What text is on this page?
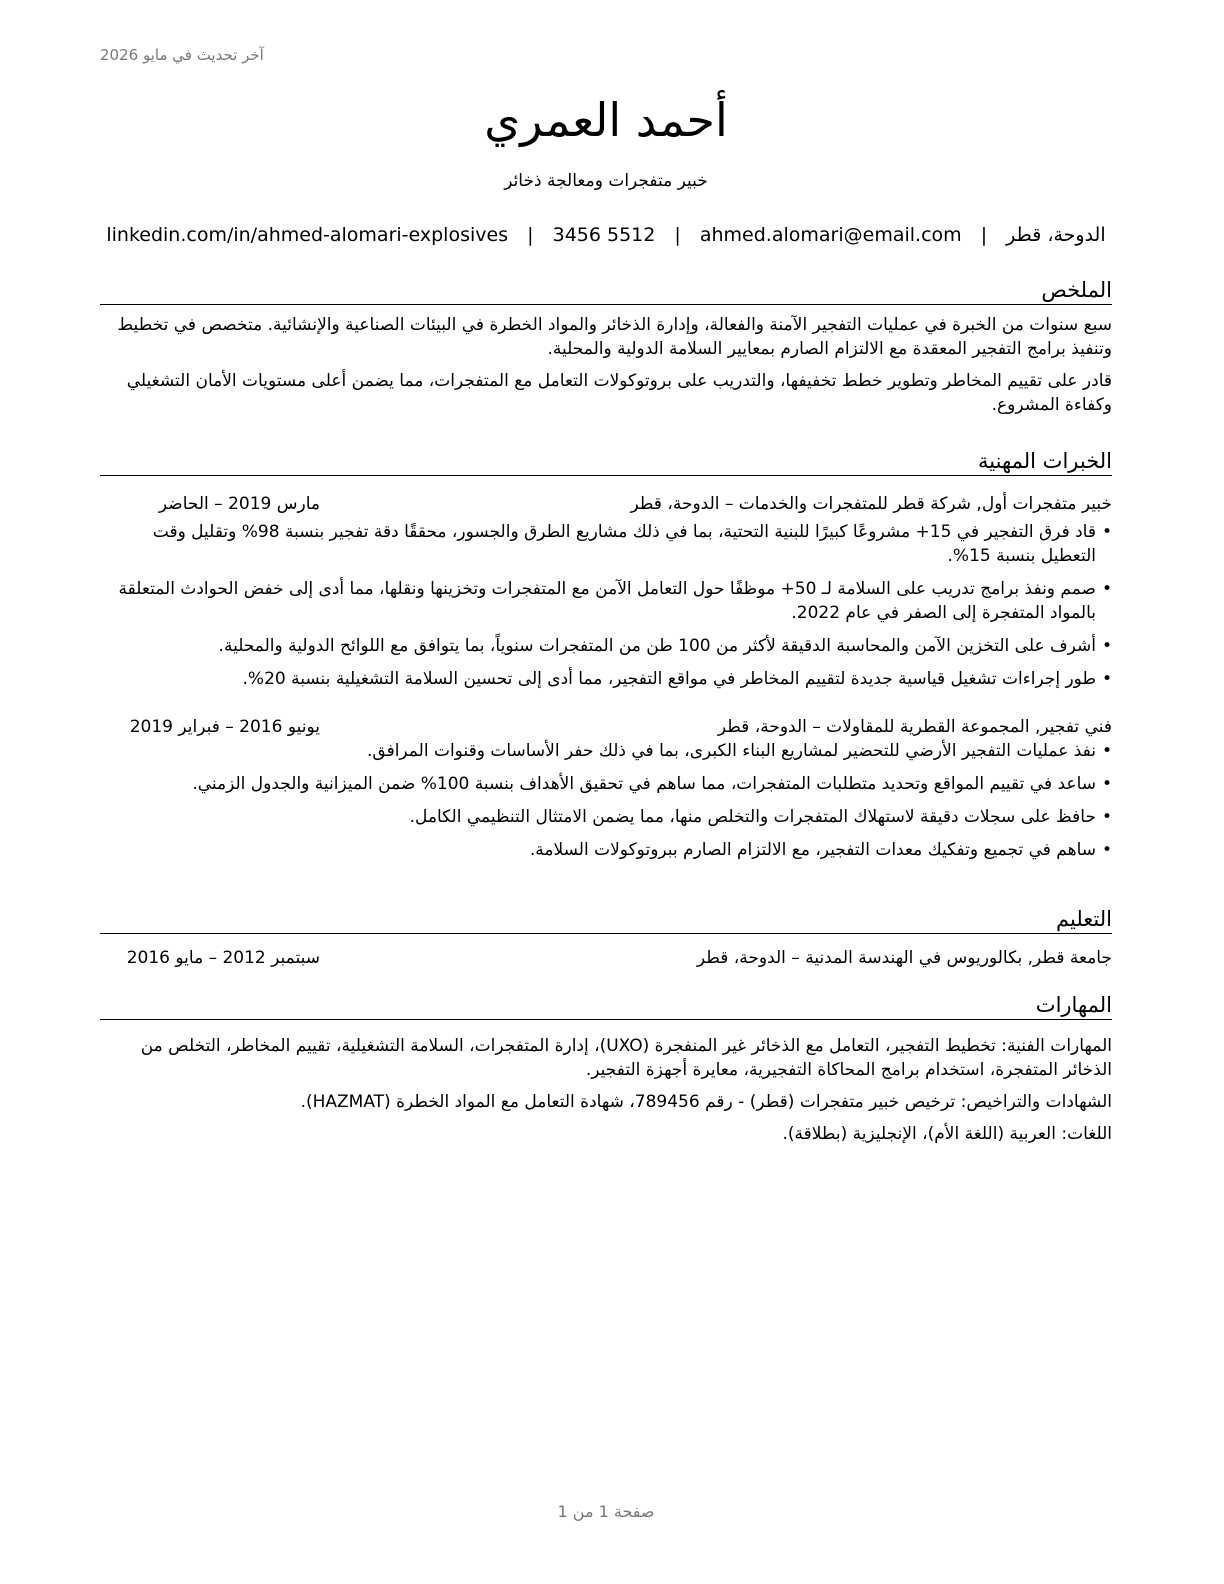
آخر تحديث في مايو 2026
أحمد العمري
خبير متفجرات ومعالجة ذخائر
الدوحة، قطر | ahmed.alomari@email.com | 3456 5512 | linkedin.com/in/ahmed-alomari-explosives
الملخص

سبع سنوات من الخبرة في عمليات التفجير الآمنة والفعالة، وإدارة الذخائر والمواد الخطرة في البيئات الصناعية والإنشائية. متخصص في تخطيط وتنفيذ برامج التفجير المعقدة مع الالتزام الصارم بمعايير السلامة الدولية والمحلية.

قادر على تقييم المخاطر وتطوير خطط تخفيفها، والتدريب على بروتوكولات التعامل مع المتفجرات، مما يضمن أعلى مستويات الأمان التشغيلي وكفاءة المشروع.

الخبرات المهنية
خبير متفجرات أول, شركة قطر للمتفجرات والخدمات – الدوحة، قطر
مارس 2019 – الحاضر
• قاد فرق التفجير في 15+ مشروعًا كبيرًا للبنية التحتية، بما في ذلك مشاريع الطرق والجسور، محققًا دقة تفجير بنسبة 98% وتقليل وقت التعطيل بنسبة 15%.
• صمم ونفذ برامج تدريب على السلامة لـ 50+ موظفًا حول التعامل الآمن مع المتفجرات وتخزينها ونقلها، مما أدى إلى خفض الحوادث المتعلقة بالمواد المتفجرة إلى الصفر في عام 2022.
• أشرف على التخزين الآمن والمحاسبة الدقيقة لأكثر من 100 طن من المتفجرات سنوياً، بما يتوافق مع اللوائح الدولية والمحلية.
• طور إجراءات تشغيل قياسية جديدة لتقييم المخاطر في مواقع التفجير، مما أدى إلى تحسين السلامة التشغيلية بنسبة 20%.
فني تفجير, المجموعة القطرية للمقاولات – الدوحة، قطر
يونيو 2016 – فبراير 2019
• نفذ عمليات التفجير الأرضي للتحضير لمشاريع البناء الكبرى، بما في ذلك حفر الأساسات وقنوات المرافق.
• ساعد في تقييم المواقع وتحديد متطلبات المتفجرات، مما ساهم في تحقيق الأهداف بنسبة 100% ضمن الميزانية والجدول الزمني.
• حافظ على سجلات دقيقة لاستهلاك المتفجرات والتخلص منها، مما يضمن الامتثال التنظيمي الكامل.
• ساهم في تجميع وتفكيك معدات التفجير، مع الالتزام الصارم ببروتوكولات السلامة.
التعليم
جامعة قطر, بكالوريوس في الهندسة المدنية – الدوحة، قطر
سبتمبر 2012 – مايو 2016
المهارات

المهارات الفنية: تخطيط التفجير، التعامل مع الذخائر غير المنفجرة (UXO)، إدارة المتفجرات، السلامة التشغيلية، تقييم المخاطر، التخلص من الذخائر المتفجرة، استخدام برامج المحاكاة التفجيرية، معايرة أجهزة التفجير.

الشهادات والتراخيص: ترخيص خبير متفجرات (قطر) - رقم 789456، شهادة التعامل مع المواد الخطرة (HAZMAT).

اللغات: العربية (اللغة الأم)، الإنجليزية (بطلاقة).

صفحة 1 من 1
